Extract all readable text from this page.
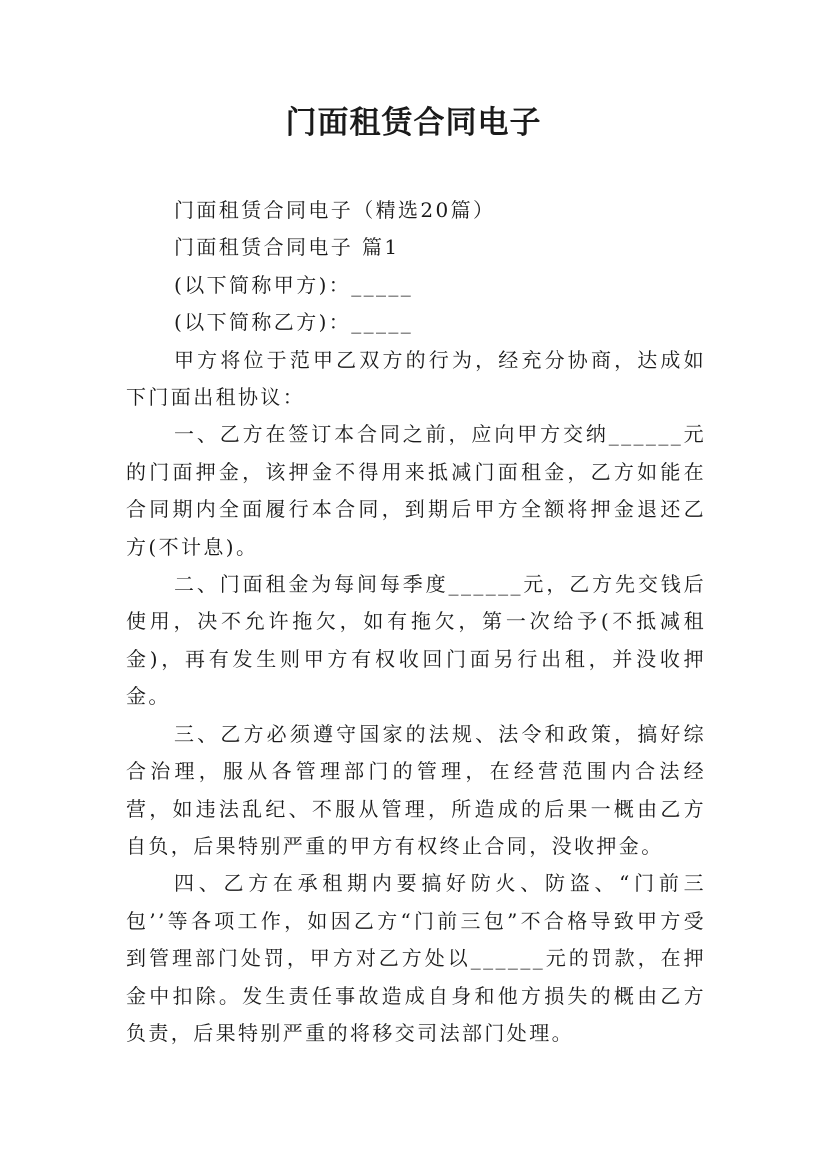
门面租赁合同电子

门面租赁合同电子（精选20篇）

门面租赁合同电子 篇1

(以下简称甲方)：_____

(以下简称乙方)：_____

甲方将位于范甲乙双方的行为，经充分协商，达成如下门面出租协议：

一、乙方在签订本合同之前，应向甲方交纳______元的门面押金，该押金不得用来抵减门面租金，乙方如能在合同期内全面履行本合同，到期后甲方全额将押金退还乙方(不计息)。

二、门面租金为每间每季度______元，乙方先交钱后使用，决不允许拖欠，如有拖欠，第一次给予(不抵减租金)，再有发生则甲方有权收回门面另行出租，并没收押金。

三、乙方必须遵守国家的法规、法令和政策，搞好综合治理，服从各管理部门的管理，在经营范围内合法经营，如违法乱纪、不服从管理，所造成的后果一概由乙方自负，后果特别严重的甲方有权终止合同，没收押金。

四、乙方在承租期内要搞好防火、防盗、“门前三包’’等各项工作，如因乙方“门前三包”不合格导致甲方受到管理部门处罚，甲方对乙方处以______元的罚款，在押金中扣除。发生责任事故造成自身和他方损失的概由乙方负责，后果特别严重的将移交司法部门处理。
